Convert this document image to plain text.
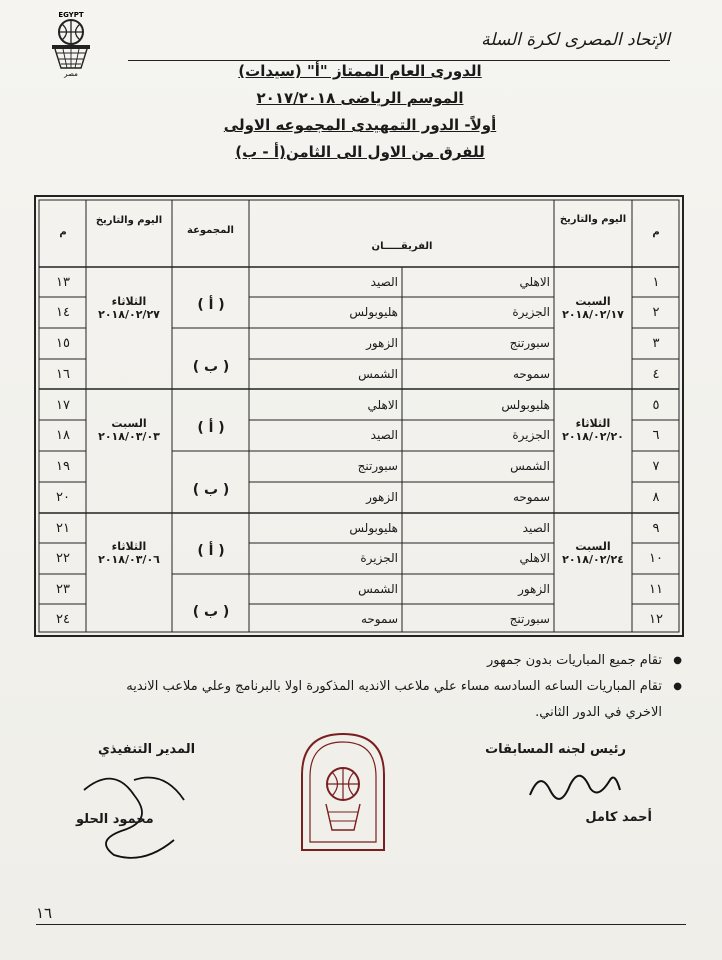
EGYPT
مصر
الإتحاد المصرى لكرة السلة
الدورى العام الممتاز "أ" (سيدات)
الموسم الرياضى ٢٠١٧/٢٠١٨
أولاً- الدور التمهيدى المجموعه الاولى
للفرق من الاول الى الثامن(أ - ب)
م
اليوم والتاريخ
المجموعة
الفريقـــــان
اليوم والتاريخ
م
١
٢
٣
٤
الاهلي
الصيد
الجزيرة
هليوبولس
سبورتنج
الزهور
سموحه
الشمس
٥
٦
٧
٨
هليوبولس
الاهلي
الجزيرة
الصيد
الشمس
سبورتنج
سموحه
الزهور
٩
١٠
١١
١٢
الصيد
هليوبولس
الاهلي
الجزيرة
الزهور
الشمس
سبورتنج
سموحه
السبت
٢٠١٨/٠٢/١٧
الثلاثاء
٢٠١٨/٠٢/٢٠
السبت
٢٠١٨/٠٢/٢٤
( أ )
( ب )
( أ )
( ب )
( أ )
( ب )
الثلاثاء
٢٠١٨/٠٢/٢٧
السبت
٢٠١٨/٠٣/٠٣
الثلاثاء
٢٠١٨/٠٣/٠٦
١٣
١٤
١٥
١٦
١٧
١٨
١٩
٢٠
٢١
٢٢
٢٣
٢٤
● تقام جميع المباريات بدون جمهور
● تقام المباريات الساعه السادسه مساء علي ملاعب الانديه المذكورة اولا بالبرنامج وعلي ملاعب الانديه
الاخري في الدور الثاني.
رئيس لجنه المسابقات
المدير التنفيذي
أحمد كامل
محمود الحلو
١٦
